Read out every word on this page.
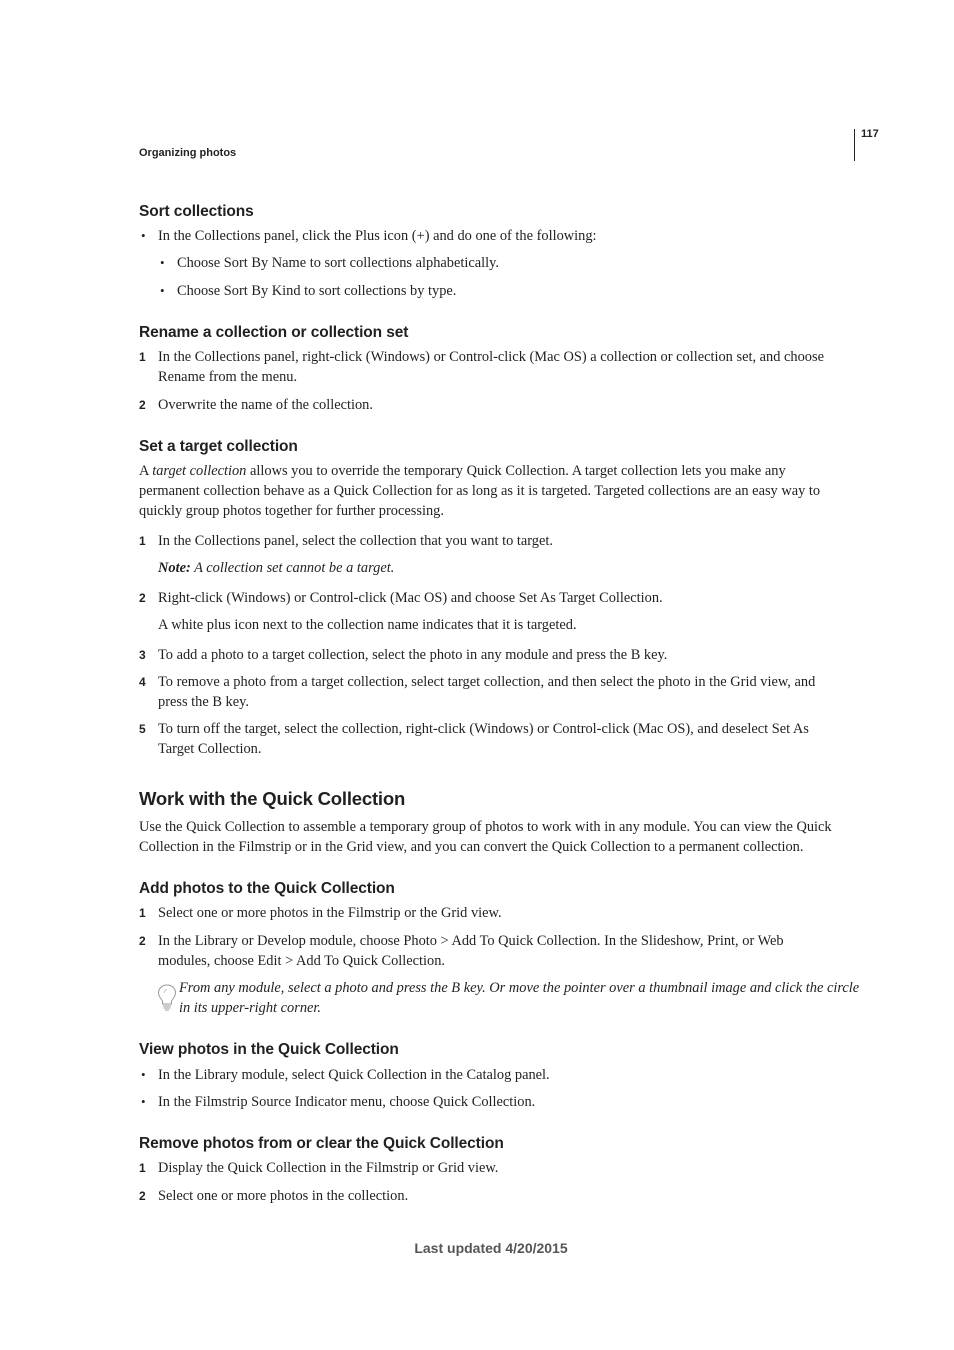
117
Organizing photos
Sort collections
• In the Collections panel, click the Plus icon (+) and do one of the following:
• Choose Sort By Name to sort collections alphabetically.
• Choose Sort By Kind to sort collections by type.
Rename a collection or collection set
1 In the Collections panel, right-click (Windows) or Control-click (Mac OS) a collection or collection set, and choose
Rename from the menu.
2 Overwrite the name of the collection.
Set a target collection
A target collection allows you to override the temporary Quick Collection. A target collection lets you make any
permanent collection behave as a Quick Collection for as long as it is targeted. Targeted collections are an easy way to
quickly group photos together for further processing.
1 In the Collections panel, select the collection that you want to target.
Note: A collection set cannot be a target.
2 Right-click (Windows) or Control-click (Mac OS) and choose Set As Target Collection.
A white plus icon next to the collection name indicates that it is targeted.
3 To add a photo to a target collection, select the photo in any module and press the B key.
4 To remove a photo from a target collection, select target collection, and then select the photo in the Grid view, and
press the B key.
5 To turn off the target, select the collection, right-click (Windows) or Control-click (Mac OS), and deselect Set As
Target Collection.
Work with the Quick Collection
Use the Quick Collection to assemble a temporary group of photos to work with in any module. You can view the Quick
Collection in the Filmstrip or in the Grid view, and you can convert the Quick Collection to a permanent collection.
Add photos to the Quick Collection
1 Select one or more photos in the Filmstrip or the Grid view.
2 In the Library or Develop module, choose Photo > Add To Quick Collection. In the Slideshow, Print, or Web
modules, choose Edit > Add To Quick Collection.
From any module, select a photo and press the B key. Or move the pointer over a thumbnail image and click the circle
in its upper-right corner.
View photos in the Quick Collection
• In the Library module, select Quick Collection in the Catalog panel.
• In the Filmstrip Source Indicator menu, choose Quick Collection.
Remove photos from or clear the Quick Collection
1 Display the Quick Collection in the Filmstrip or Grid view.
2 Select one or more photos in the collection.
Last updated 4/20/2015
